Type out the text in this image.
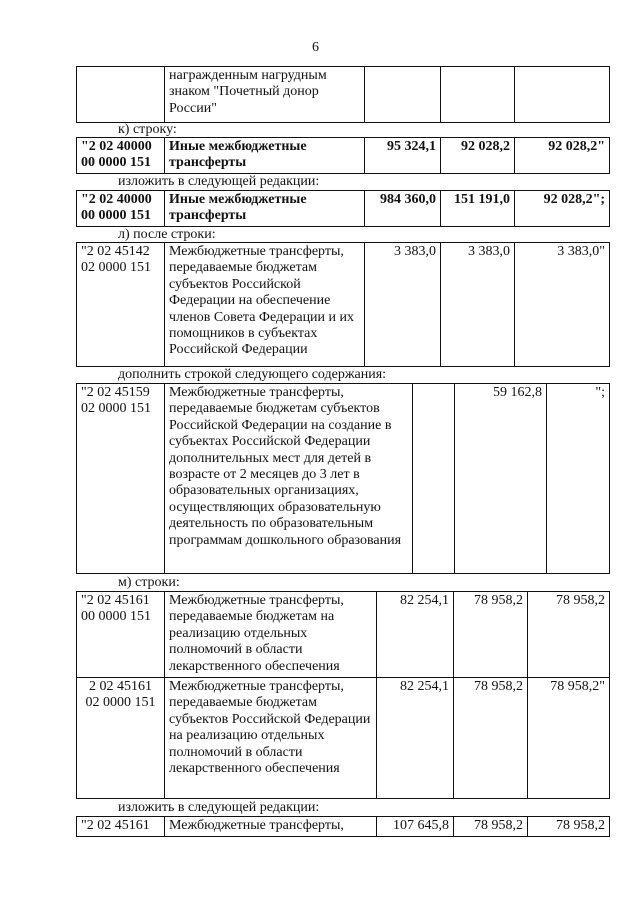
6
	награжденным нагрудным знаком "Почетный донор России"			
к) строку:
"2 02 40000 00 0000 151	Иные межбюджетные трансферты	95 324,1	92 028,2	92 028,2"
изложить в следующей редакции:
"2 02 40000 00 0000 151	Иные межбюджетные трансферты	984 360,0	151 191,0	92 028,2";
л) после строки:
"2 02 45142 02 0000 151	Межбюджетные трансферты, передаваемые бюджетам субъектов Российской Федерации на обеспечение членов Совета Федерации и их помощников в субъектах Российской Федерации	3 383,0	3 383,0	3 383,0"
дополнить строкой следующего содержания:
"2 02 45159 02 0000 151	Межбюджетные трансферты, передаваемые бюджетам субъектов Российской Федерации на создание в субъектах Российской Федерации дополнительных мест для детей в возрасте от 2 месяцев до 3 лет в образовательных организациях, осуществляющих образовательную деятельность по образовательным программам дошкольного образования		59 162,8	";
м) строки:
"2 02 45161 00 0000 151	Межбюджетные трансферты, передаваемые бюджетам на реализацию отдельных полномочий в области лекарственного обеспечения	82 254,1	78 958,2	78 958,2
2 02 45161 02 0000 151	Межбюджетные трансферты, передаваемые бюджетам субъектов Российской Федерации на реализацию отдельных полномочий в области лекарственного обеспечения	82 254,1	78 958,2	78 958,2"
изложить в следующей редакции:
"2 02 45161	Межбюджетные трансферты,	107 645,8	78 958,2	78 958,2
